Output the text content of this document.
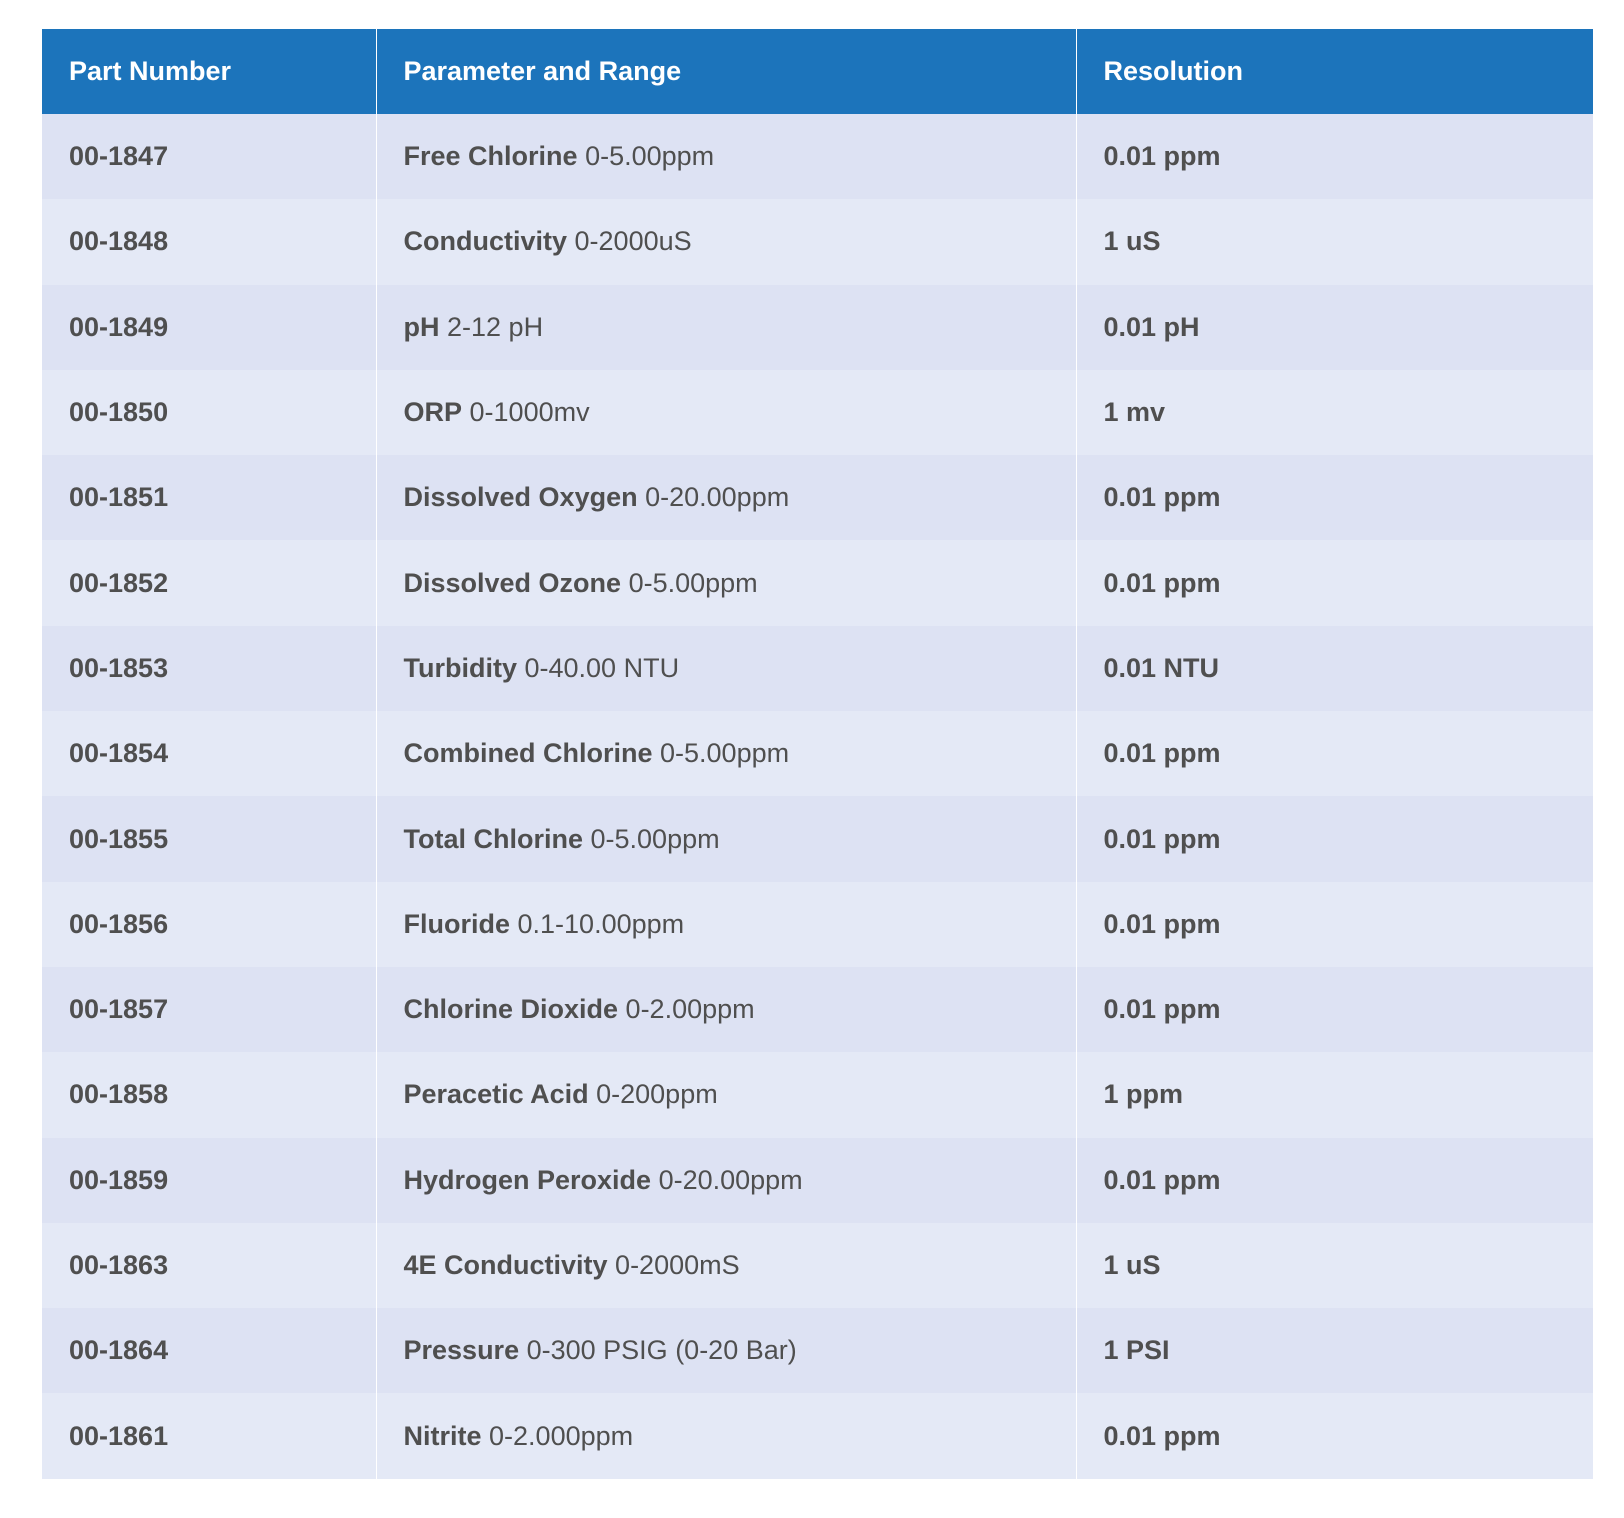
Part Number	Parameter and Range	Resolution
00-1847	Free Chlorine 0-5.00ppm	0.01 ppm
00-1848	Conductivity 0-2000uS	1 uS
00-1849	pH 2-12 pH	0.01 pH
00-1850	ORP 0-1000mv	1 mv
00-1851	Dissolved Oxygen 0-20.00ppm	0.01 ppm
00-1852	Dissolved Ozone 0-5.00ppm	0.01 ppm
00-1853	Turbidity 0-40.00 NTU	0.01 NTU
00-1854	Combined Chlorine 0-5.00ppm	0.01 ppm
00-1855	Total Chlorine 0-5.00ppm	0.01 ppm
00-1856	Fluoride 0.1-10.00ppm	0.01 ppm
00-1857	Chlorine Dioxide 0-2.00ppm	0.01 ppm
00-1858	Peracetic Acid 0-200ppm	1 ppm
00-1859	Hydrogen Peroxide 0-20.00ppm	0.01 ppm
00-1863	4E Conductivity 0-2000mS	1 uS
00-1864	Pressure 0-300 PSIG (0-20 Bar)	1 PSI
00-1861	Nitrite 0-2.000ppm	0.01 ppm
